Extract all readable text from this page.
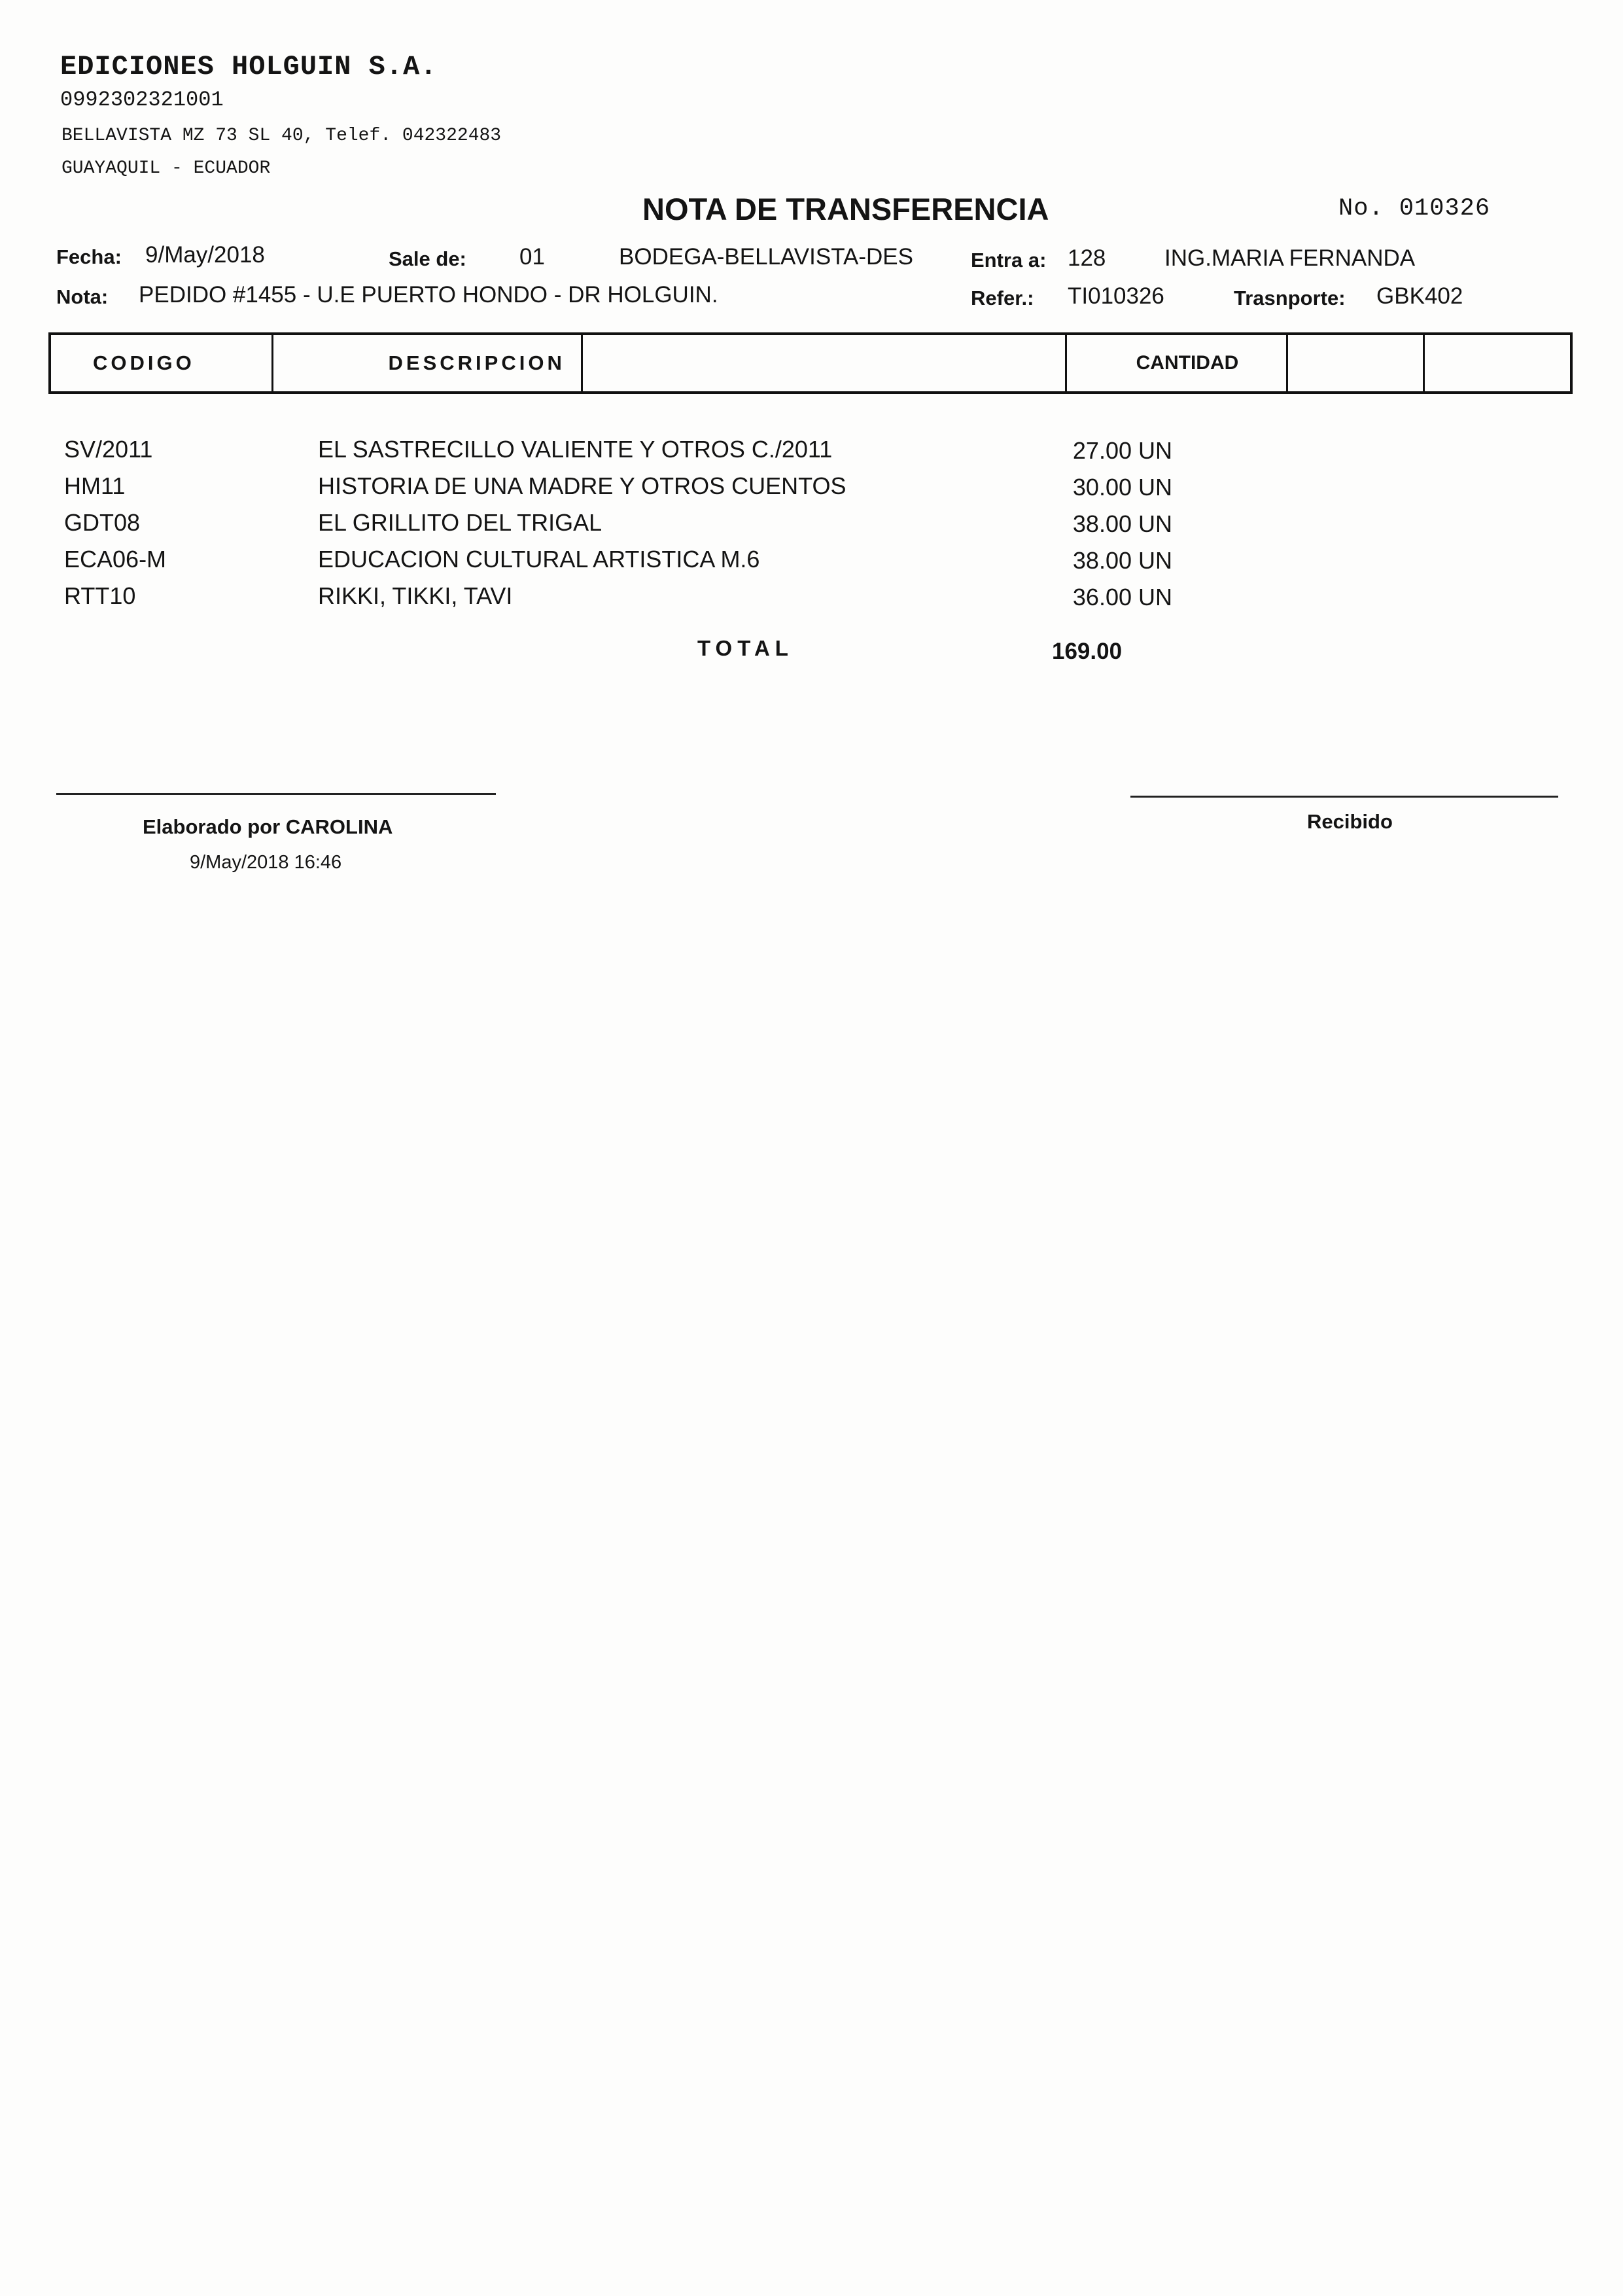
EDICIONES HOLGUIN S.A.
0992302321001
BELLAVISTA MZ 73 SL 40, Telef. 042322483
GUAYAQUIL - ECUADOR
NOTA DE TRANSFERENCIA	No. 010326
Fecha: 9/May/2018	Sale de: 01	BODEGA-BELLAVISTA-DES	Entra a: 128	ING.MARIA FERNANDA
Nota: PEDIDO #1455 - U.E PUERTO HONDO - DR HOLGUIN.	Refer.: TI010326	Trasnporte: GBK402
CODIGO	DESCRIPCION	CANTIDAD
SV/2011	EL SASTRECILLO VALIENTE Y OTROS C./2011	27.00 UN
HM11	HISTORIA DE UNA MADRE Y OTROS CUENTOS	30.00 UN
GDT08	EL GRILLITO DEL TRIGAL	38.00 UN
ECA06-M	EDUCACION CULTURAL ARTISTICA M.6	38.00 UN
RTT10	RIKKI, TIKKI, TAVI	36.00 UN
TOTAL	169.00
Elaborado por CAROLINA
9/May/2018 16:46
Recibido
